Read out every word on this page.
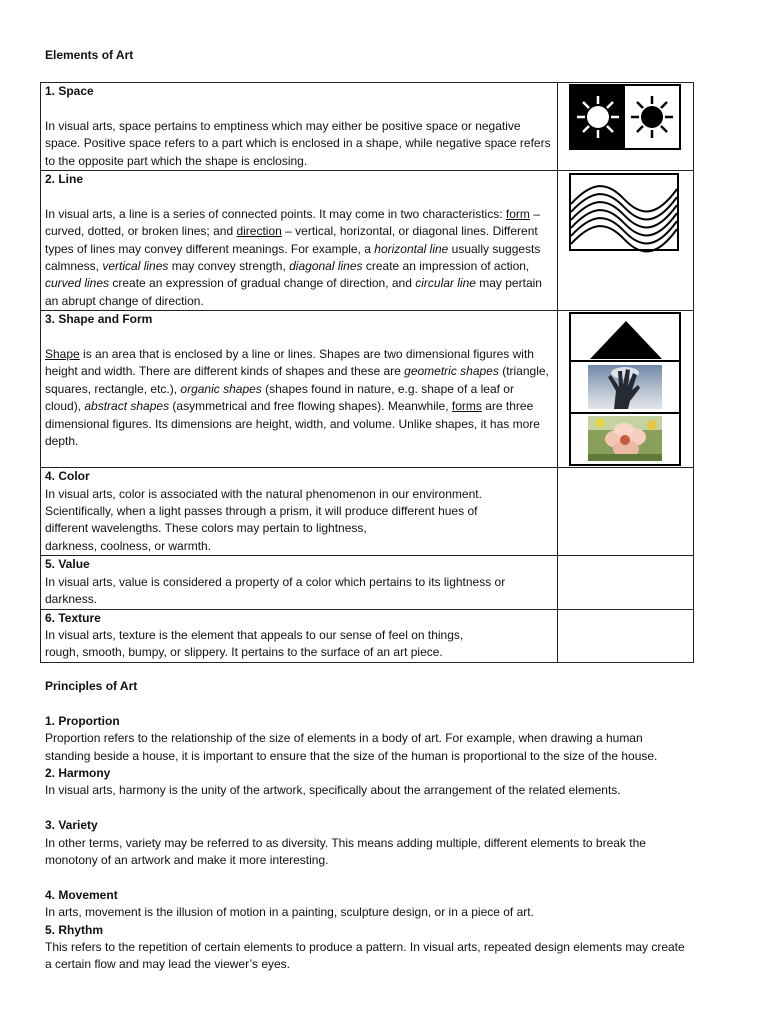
Elements of Art
1. Space
In visual arts, space pertains to emptiness which may either be positive space or negative space. Positive space refers to a part which is enclosed in a shape, while negative space refers to the opposite part which the shape is enclosing.	

2. Line
In visual arts, a line is a series of connected points. It may come in two characteristics: form – curved, dotted, or broken lines; and direction – vertical, horizontal, or diagonal lines. Different types of lines may convey different meanings. For example, a horizontal line usually suggests calmness, vertical lines may convey strength, diagonal lines create an impression of action, curved lines create an expression of gradual change of direction, and circular line may pertain an abrupt change of direction.	

3. Shape and Form
Shape is an area that is enclosed by a line or lines. Shapes are two dimensional figures with height and width. There are different kinds of shapes and these are geometric shapes (triangle, squares, rectangle, etc.), organic shapes (shapes found in nature, e.g. shape of a leaf or cloud), abstract shapes (asymmetrical and free flowing shapes). Meanwhile, forms are three dimensional figures. Its dimensions are height, width, and volume. Unlike shapes, it has more depth.	

4. Color
In visual arts, color is associated with the natural phenomenon in our environment.
Scientifically, when a light passes through a prism, it will produce different hues of
different wavelengths. These colors may pertain to lightness,
darkness, coolness, or warmth.	

5. Value
In visual arts, value is considered a property of a color which pertains to its lightness or
darkness.	

6. Texture
In visual arts, texture is the element that appeals to our sense of feel on things,
rough, smooth, bumpy, or slippery. It pertains to the surface of an art piece.	

Principles of Art
1. Proportion
Proportion refers to the relationship of the size of elements in a body of art. For example, when drawing a human
standing beside a house, it is important to ensure that the size of the human is proportional to the size of the house.
2. Harmony
In visual arts, harmony is the unity of the artwork, specifically about the arrangement of the related elements.
3. Variety
In other terms, variety may be referred to as diversity. This means adding multiple, different elements to break the
monotony of an artwork and make it more interesting.
4. Movement
In arts, movement is the illusion of motion in a painting, sculpture design, or in a piece of art.
5. Rhythm
This refers to the repetition of certain elements to produce a pattern. In visual arts, repeated design elements may create
a certain flow and may lead the viewer’s eyes.
